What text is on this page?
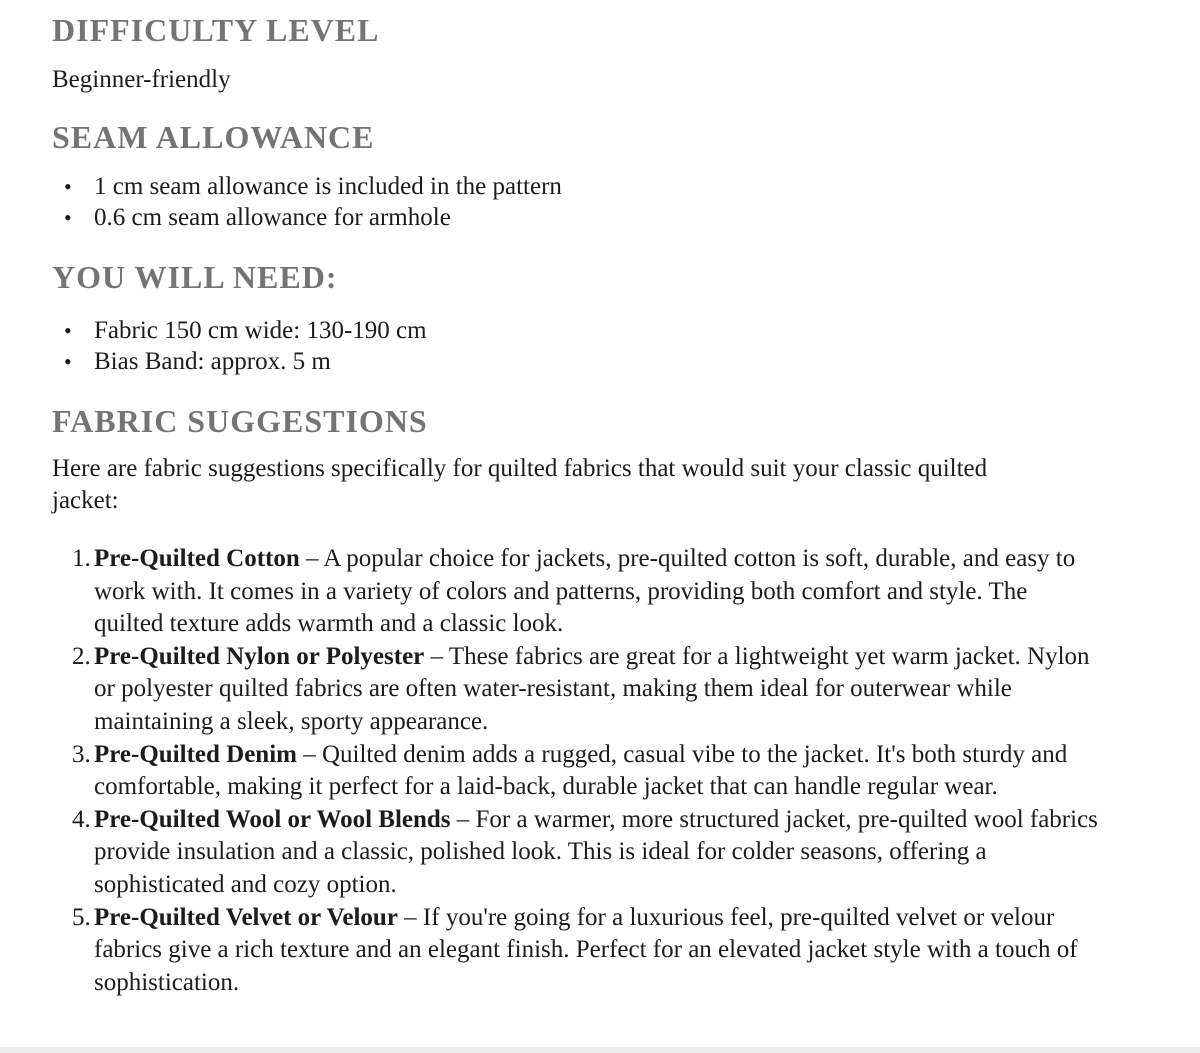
DIFFICULTY LEVEL

Beginner-friendly

SEAM ALLOWANCE
• 1 cm seam allowance is included in the pattern
• 0.6 cm seam allowance for armhole
YOU WILL NEED:
• Fabric 150 cm wide: 130-190 cm
• Bias Band: approx. 5 m
FABRIC SUGGESTIONS

Here are fabric suggestions specifically for quilted fabrics that would suit your classic quilted jacket:

1. Pre-Quilted Cotton – A popular choice for jackets, pre-quilted cotton is soft, durable, and easy to work with. It comes in a variety of colors and patterns, providing both comfort and style. The quilted texture adds warmth and a classic look.
2. Pre-Quilted Nylon or Polyester – These fabrics are great for a lightweight yet warm jacket. Nylon or polyester quilted fabrics are often water-resistant, making them ideal for outerwear while maintaining a sleek, sporty appearance.
3. Pre-Quilted Denim – Quilted denim adds a rugged, casual vibe to the jacket. It's both sturdy and comfortable, making it perfect for a laid-back, durable jacket that can handle regular wear.
4. Pre-Quilted Wool or Wool Blends – For a warmer, more structured jacket, pre-quilted wool fabrics provide insulation and a classic, polished look. This is ideal for colder seasons, offering a sophisticated and cozy option.
5. Pre-Quilted Velvet or Velour – If you're going for a luxurious feel, pre-quilted velvet or velour fabrics give a rich texture and an elegant finish. Perfect for an elevated jacket style with a touch of sophistication.
